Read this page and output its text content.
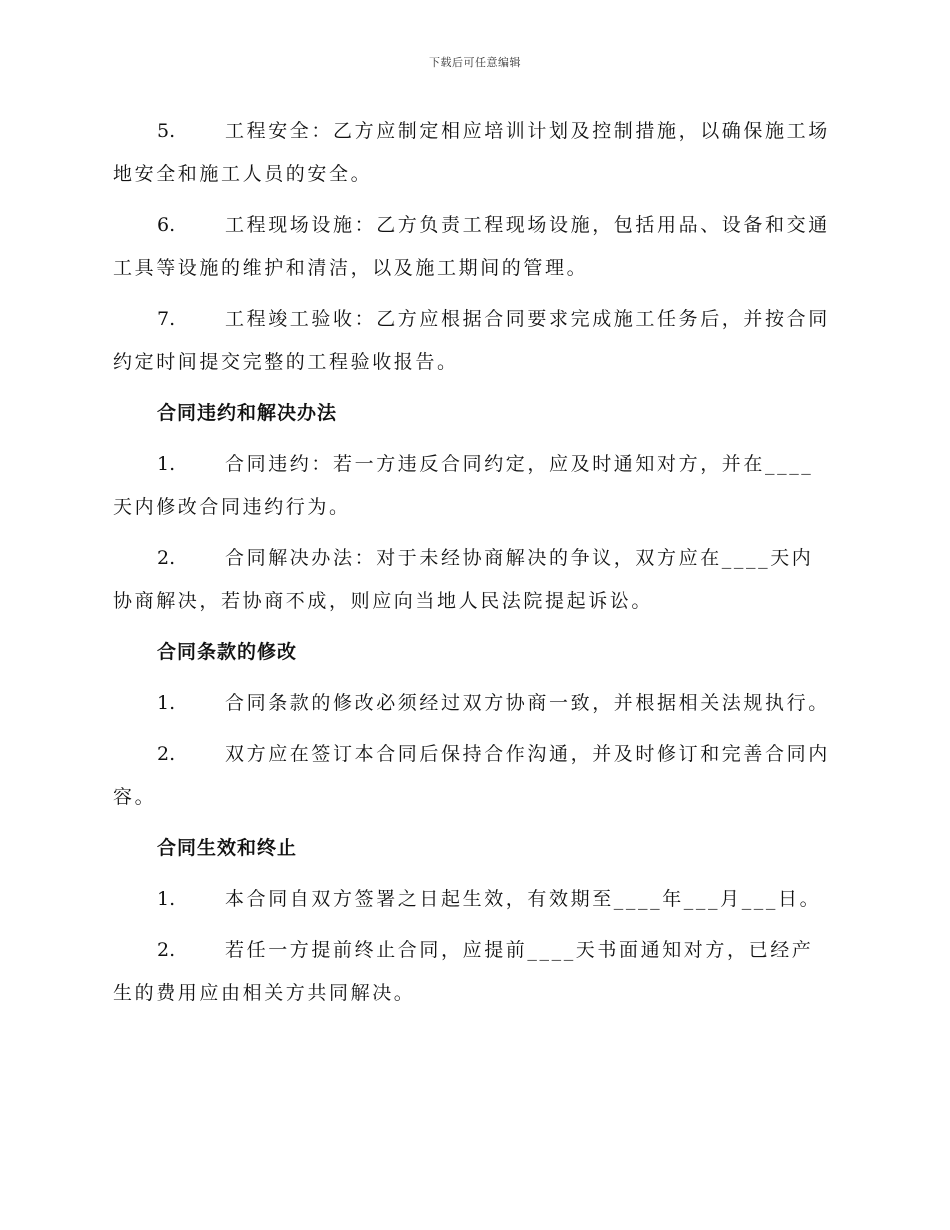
下载后可任意编辑

5.	工程安全：乙方应制定相应培训计划及控制措施，以确保施工场地安全和施工人员的安全。

6.	工程现场设施：乙方负责工程现场设施，包括用品、设备和交通工具等设施的维护和清洁，以及施工期间的管理。

7.	工程竣工验收：乙方应根据合同要求完成施工任务后，并按合同约定时间提交完整的工程验收报告。

合同违约和解决办法

1.	合同违约：若一方违反合同约定，应及时通知对方，并在____天内修改合同违约行为。

2.	合同解决办法：对于未经协商解决的争议，双方应在____天内协商解决，若协商不成，则应向当地人民法院提起诉讼。

合同条款的修改

1.	合同条款的修改必须经过双方协商一致，并根据相关法规执行。

2.	双方应在签订本合同后保持合作沟通，并及时修订和完善合同内容。

合同生效和终止

1.	本合同自双方签署之日起生效，有效期至____年___月___日。

2.	若任一方提前终止合同，应提前____天书面通知对方，已经产生的费用应由相关方共同解决。
